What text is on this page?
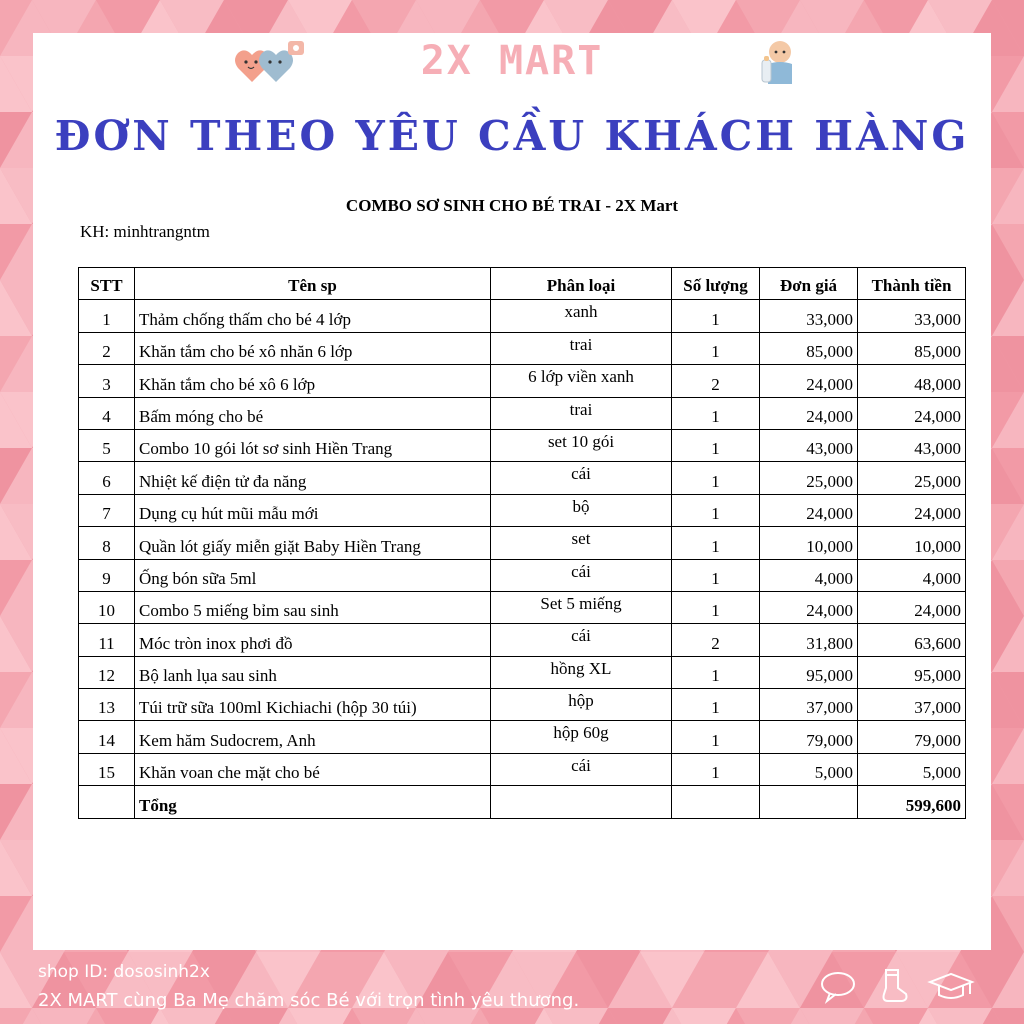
2X MART
ĐƠN THEO YÊU CẦU KHÁCH HÀNG
COMBO SƠ SINH CHO BÉ TRAI - 2X Mart
KH: minhtrangntm
STT	Tên sp	Phân loại	Số lượng	Đơn giá	Thành tiền
1	Thảm chống thấm cho bé 4 lớp	xanh	1	33,000	33,000
2	Khăn tắm cho bé xô nhăn 6 lớp	trai	1	85,000	85,000
3	Khăn tắm cho bé xô 6 lớp	6 lớp viền xanh	2	24,000	48,000
4	Bấm móng cho bé	trai	1	24,000	24,000
5	Combo 10 gói lót sơ sinh Hiền Trang	set 10 gói	1	43,000	43,000
6	Nhiệt kế điện tử đa năng	cái	1	25,000	25,000
7	Dụng cụ hút mũi mẫu mới	bộ	1	24,000	24,000
8	Quần lót giấy miễn giặt Baby Hiền Trang	set	1	10,000	10,000
9	Ống bón sữa 5ml	cái	1	4,000	4,000
10	Combo 5 miếng bỉm sau sinh	Set 5 miếng	1	24,000	24,000
11	Móc tròn inox phơi đồ	cái	2	31,800	63,600
12	Bộ lanh lụa sau sinh	hồng XL	1	95,000	95,000
13	Túi trữ sữa 100ml Kichiachi (hộp 30 túi)	hộp	1	37,000	37,000
14	Kem hăm Sudocrem, Anh	hộp 60g	1	79,000	79,000
15	Khăn voan che mặt cho bé	cái	1	5,000	5,000
	Tổng				599,600
shop ID: dososinh2x
2X MART cùng Ba Mẹ chăm sóc Bé với trọn tình yêu thương.
